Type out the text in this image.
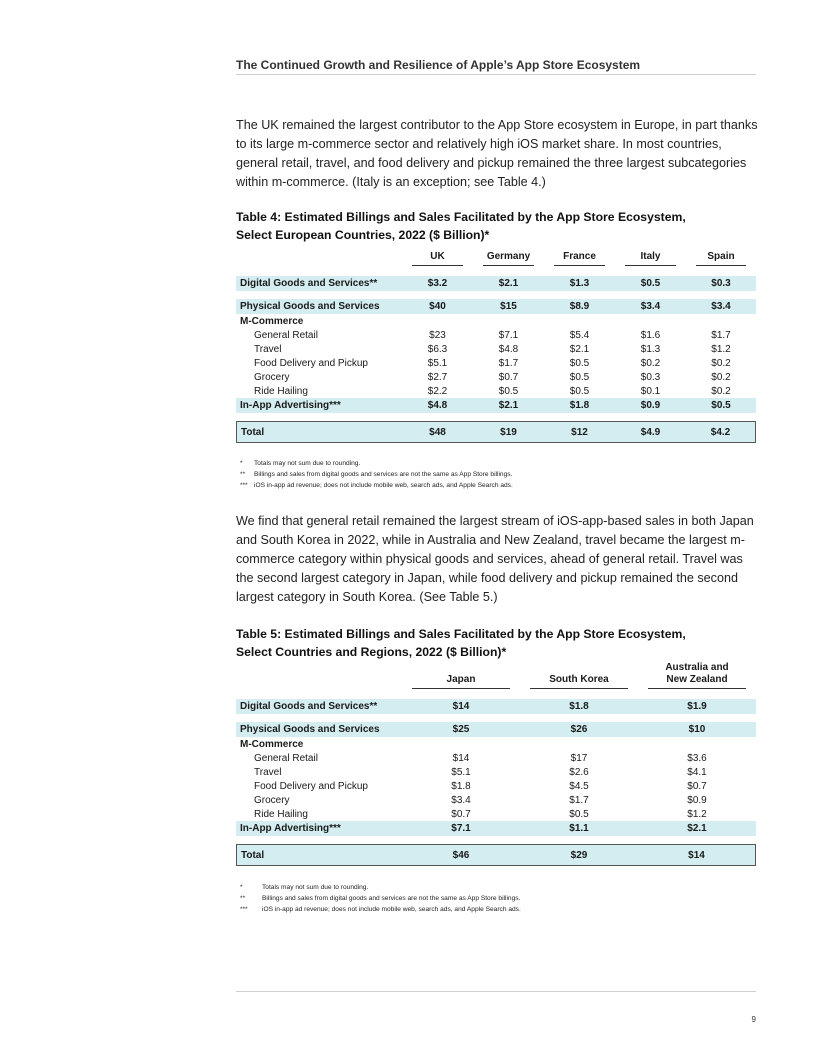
The Continued Growth and Resilience of Apple’s App Store Ecosystem

The UK remained the largest contributor to the App Store ecosystem in Europe, in part thanks to its large m-commerce sector and relatively high iOS market share. In most countries, general retail, travel, and food delivery and pickup remained the three largest subcategories within m-commerce. (Italy is an exception; see Table 4.)

Table 4: Estimated Billings and Sales Facilitated by the App Store Ecosystem,
Select European Countries, 2022 ($ Billion)*

	UK	Germany	France	Italy	Spain

Digital Goods and Services**	$3.2	$2.1	$1.3	$0.5	$0.3

Physical Goods and Services	$40	$15	$8.9	$3.4	$3.4
M-Commerce					
General Retail	$23	$7.1	$5.4	$1.6	$1.7
Travel	$6.3	$4.8	$2.1	$1.3	$1.2
Food Delivery and Pickup	$5.1	$1.7	$0.5	$0.2	$0.2
Grocery	$2.7	$0.7	$0.5	$0.3	$0.2
Ride Hailing	$2.2	$0.5	$0.5	$0.1	$0.2
In-App Advertising***	$4.8	$2.1	$1.8	$0.9	$0.5

Total	$48	$19	$12	$4.9	$4.2
*	Totals may not sum due to rounding.
**	Billings and sales from digital goods and services are not the same as App Store billings.
*** iOS in-app ad revenue; does not include mobile web, search ads, and Apple Search ads.

We find that general retail remained the largest stream of iOS-app-based sales in both Japan and South Korea in 2022, while in Australia and New Zealand, travel became the largest m-commerce category within physical goods and services, ahead of general retail. Travel was the second largest category in Japan, while food delivery and pickup remained the second largest category in South Korea. (See Table 5.)

Table 5: Estimated Billings and Sales Facilitated by the App Store Ecosystem,
Select Countries and Regions, 2022 ($ Billion)*

	Japan	South Korea	Australia and
New Zealand

Digital Goods and Services**	$14	$1.8	$1.9

Physical Goods and Services	$25	$26	$10
M-Commerce			
General Retail	$14	$17	$3.6
Travel	$5.1	$2.6	$4.1
Food Delivery and Pickup	$1.8	$4.5	$0.7
Grocery	$3.4	$1.7	$0.9
Ride Hailing	$0.7	$0.5	$1.2
In-App Advertising***	$7.1	$1.1	$2.1

Total	$46	$29	$14
*	Totals may not sum due to rounding.
**	Billings and sales from digital goods and services are not the same as App Store billings.
***	iOS in-app ad revenue; does not include mobile web, search ads, and Apple Search ads.
9
